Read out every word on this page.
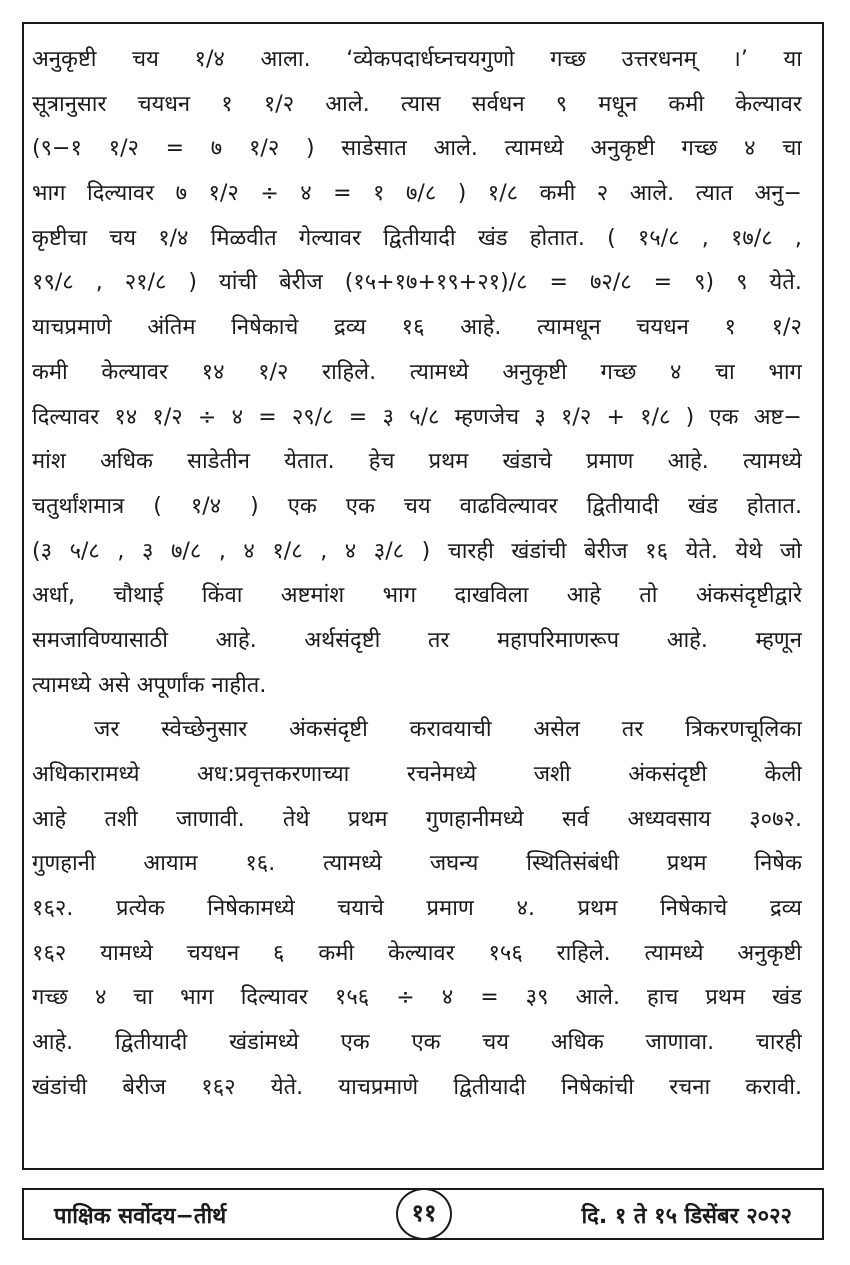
अनुकृष्टी चय १/४ आला. ‘व्येकपदार्धघ्नचयगुणो गच्छ उत्तरधनम् ।’ या
सूत्रानुसार चयधन १ १/२ आले. त्यास सर्वधन ९ मधून कमी केल्यावर
(९−१ १/२ = ७ १/२ ) साडेसात आले. त्यामध्ये अनुकृष्टी गच्छ ४ चा
भाग दिल्यावर ७ १/२ ÷ ४ = १ ७/८ ) १/८ कमी २ आले. त्यात अनु−
कृष्टीचा चय १/४ मिळवीत गेल्यावर द्वितीयादी खंड होतात. ( १५/८ , १७/८ ,
१९/८ , २१/८ ) यांची बेरीज (१५+१७+१९+२१)/८ = ७२/८ = ९) ९ येते.
याचप्रमाणे अंतिम निषेकाचे द्रव्य १६ आहे. त्यामधून चयधन १ १/२
कमी केल्यावर १४ १/२ राहिले. त्यामध्ये अनुकृष्टी गच्छ ४ चा भाग
दिल्यावर १४ १/२ ÷ ४ = २९/८ = ३ ५/८ म्हणजेच ३ १/२ + १/८ ) एक अष्ट−
मांश अधिक साडेतीन येतात. हेच प्रथम खंडाचे प्रमाण आहे. त्यामध्ये
चतुर्थांशमात्र ( १/४ ) एक एक चय वाढविल्यावर द्वितीयादी खंड होतात.
(३ ५/८ , ३ ७/८ , ४ १/८ , ४ ३/८ ) चारही खंडांची बेरीज १६ येते. येथे जो
अर्धा, चौथाई किंवा अष्टमांश भाग दाखविला आहे तो अंकसंदृष्टीद्वारे
समजाविण्यासाठी आहे. अर्थसंदृष्टी तर महापरिमाणरूप आहे. म्हणून
त्यामध्ये असे अपूर्णांक नाहीत.
जर स्वेच्छेनुसार अंकसंदृष्टी करावयाची असेल तर त्रिकरणचूलिका
अधिकारामध्ये	अध:प्रवृत्तकरणाच्या	रचनेमध्ये	जशी	अंकसंदृष्टी	केली
आहे तशी जाणावी. तेथे प्रथम गुणहानीमध्ये सर्व अध्यवसाय ३०७२.
गुणहानी आयाम १६. त्यामध्ये जघन्य स्थितिसंबंधी प्रथम निषेक
१६२. प्रत्येक निषेकामध्ये चयाचे प्रमाण ४. प्रथम निषेकाचे द्रव्य
१६२ यामध्ये चयधन ६ कमी केल्यावर १५६ राहिले. त्यामध्ये अनुकृष्टी
गच्छ ४ चा भाग दिल्यावर १५६ ÷ ४ = ३९ आले. हाच प्रथम खंड
आहे. द्वितीयादी खंडांमध्ये एक एक चय अधिक जाणावा. चारही
खंडांची बेरीज १६२ येते. याचप्रमाणे द्वितीयादी निषेकांची रचना करावी.
पाक्षिक सर्वोदय−तीर्थ	११	दि. १ ते १५ डिसेंबर २०२२
